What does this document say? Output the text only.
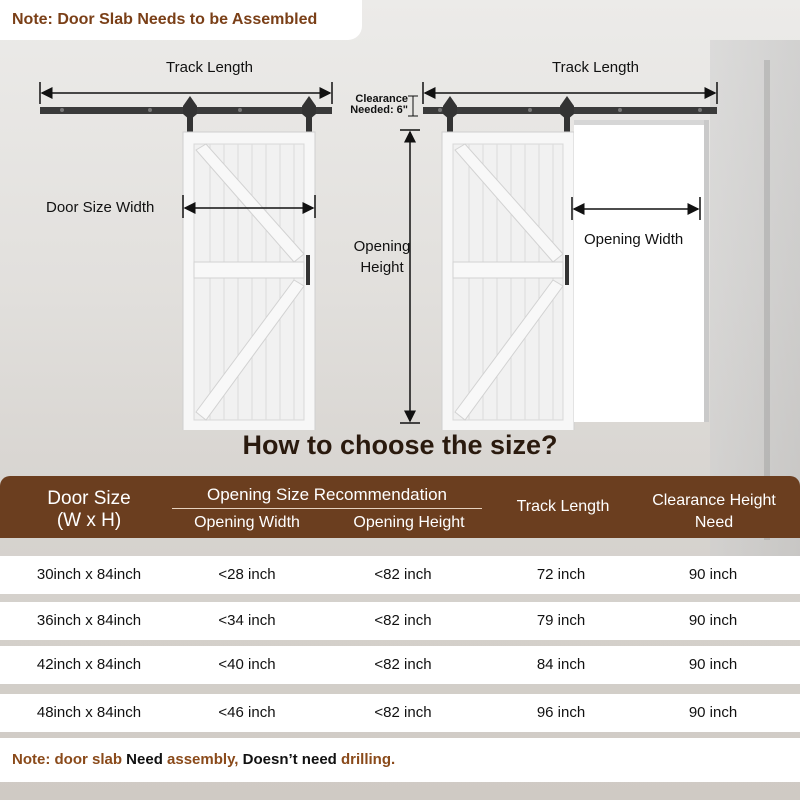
Note: Door Slab Needs to be Assembled
Track Length	Track Length
Clearance
Needed: 6"
Door Size Width
Opening
Height
Opening Width
How to choose the size?
Door Size
(W x H)
Opening Size Recommendation
Opening Width	Opening Height
Track Length	Clearance Height
Need
30inch x 84inch	<28 inch	<82 inch	72 inch	90 inch
36inch x 84inch	<34 inch	<82 inch	79 inch	90 inch
42inch x 84inch	<40 inch	<82 inch	84 inch	90 inch
48inch x 84inch	<46 inch	<82 inch	96 inch	90 inch
Note: door slab Need assembly, Doesn’t need drilling.
